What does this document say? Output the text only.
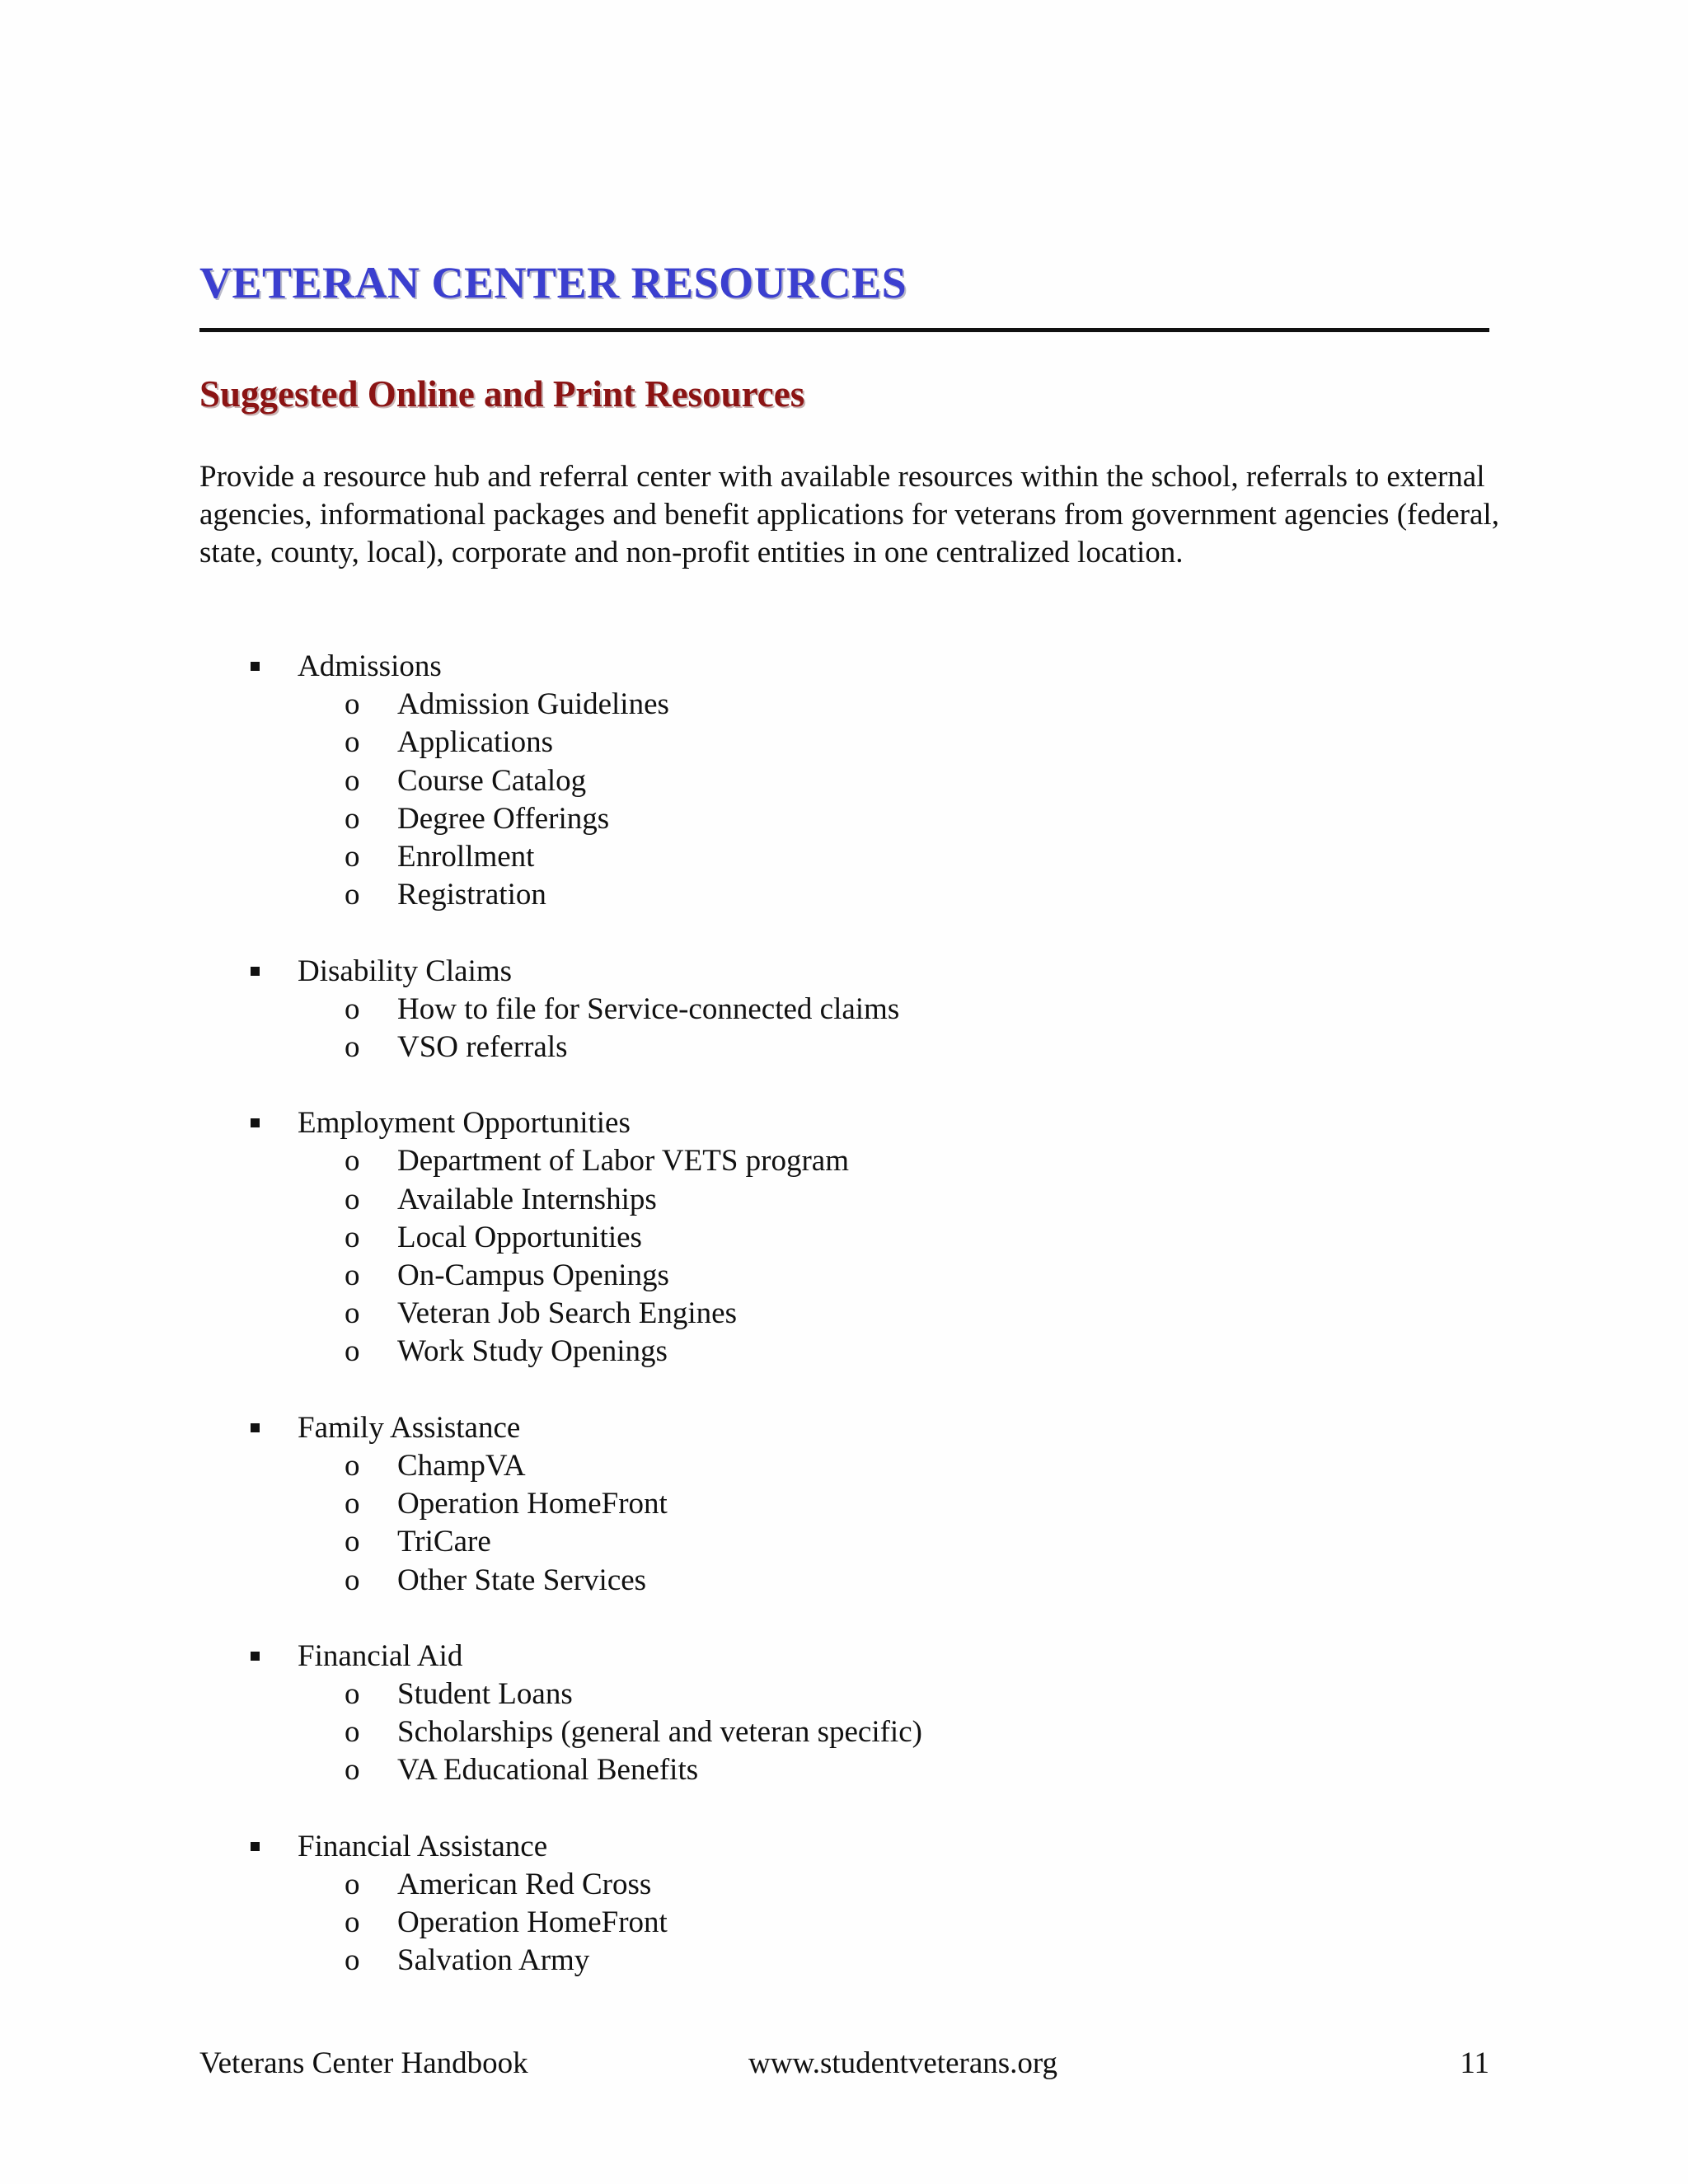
VETERAN CENTER RESOURCES
Suggested Online and Print Resources

Provide a resource hub and referral center with available resources within the school, referrals to external agencies, informational packages and benefit applications for veterans from government agencies (federal, state, county, local), corporate and non-profit entities in one centralized location.

Admissions
o Admission Guidelines
o Applications
o Course Catalog
o Degree Offerings
o Enrollment
o Registration
Disability Claims
o How to file for Service-connected claims
o VSO referrals
Employment Opportunities
o Department of Labor VETS program
o Available Internships
o Local Opportunities
o On-Campus Openings
o Veteran Job Search Engines
o Work Study Openings
Family Assistance
o ChampVA
o Operation HomeFront
o TriCare
o Other State Services
Financial Aid
o Student Loans
o Scholarships (general and veteran specific)
o VA Educational Benefits
Financial Assistance
o American Red Cross
o Operation HomeFront
o Salvation Army
Veterans Center Handbook	www.studentveterans.org	11
